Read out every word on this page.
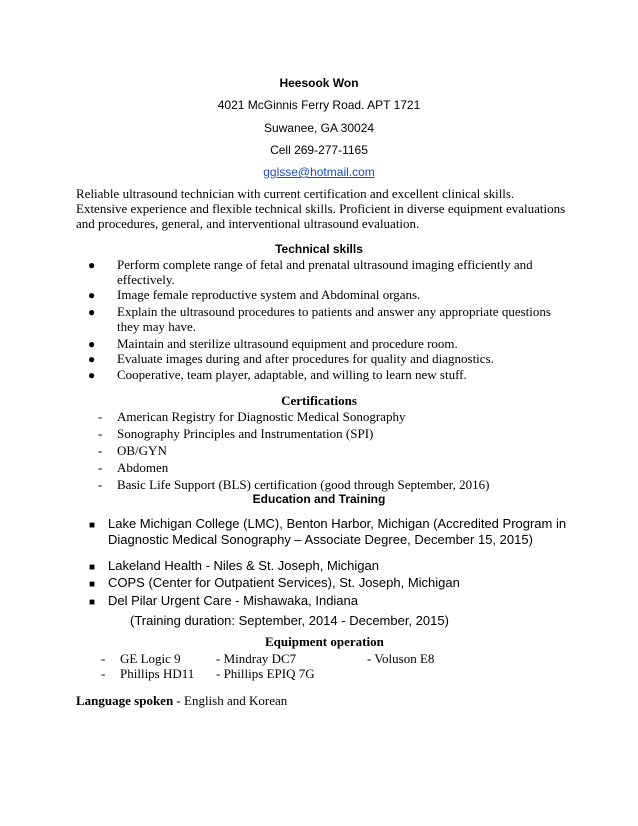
Heesook Won
4021 McGinnis Ferry Road. APT 1721
Suwanee, GA 30024
Cell 269-277-1165
gglsse@hotmail.com
Reliable ultrasound technician with current certification and excellent clinical skills.
Extensive experience and flexible technical skills. Proficient in diverse equipment evaluations
and procedures, general, and interventional ultrasound evaluation.
Technical skills
● Perform complete range of fetal and prenatal ultrasound imaging efficiently and
effectively.
● Image female reproductive system and Abdominal organs.
● Explain the ultrasound procedures to patients and answer any appropriate questions
they may have.
● Maintain and sterilize ultrasound equipment and procedure room.
● Evaluate images during and after procedures for quality and diagnostics.
● Cooperative, team player, adaptable, and willing to learn new stuff.
Certifications
- American Registry for Diagnostic Medical Sonography
- Sonography Principles and Instrumentation (SPI)
- OB/GYN
- Abdomen
- Basic Life Support (BLS) certification (good through September, 2016)
Education and Training
■ Lake Michigan College (LMC), Benton Harbor, Michigan (Accredited Program in
Diagnostic Medical Sonography – Associate Degree, December 15, 2015)
■ Lakeland Health - Niles & St. Joseph, Michigan
■ COPS (Center for Outpatient Services), St. Joseph, Michigan
■ Del Pilar Urgent Care - Mishawaka, Indiana
(Training duration: September, 2014 - December, 2015)
Equipment operation
- GE Logic 9	- Mindray DC7	- Voluson E8
- Phillips HD11 - Phillips EPIQ 7G
Language spoken - English and Korean
